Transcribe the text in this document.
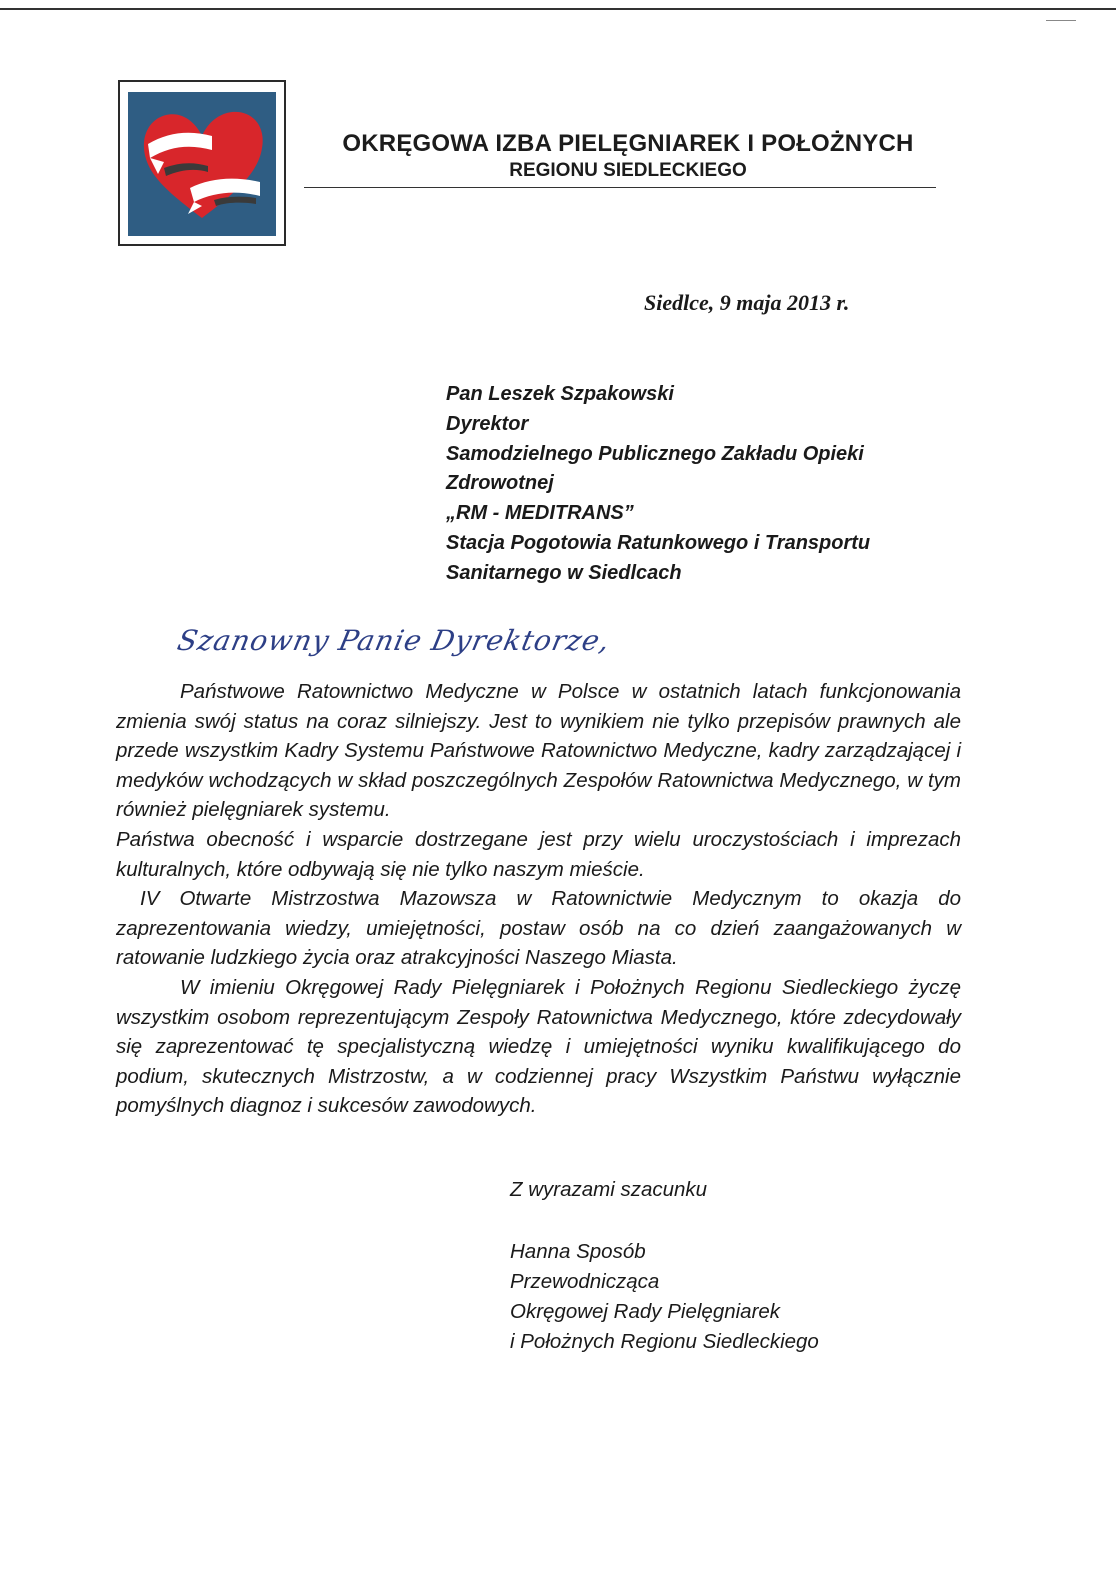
OKRĘGOWA IZBA PIELĘGNIAREK I POŁOŻNYCH
REGIONU SIEDLECKIEGO
Siedlce, 9 maja 2013 r.
Pan Leszek Szpakowski
Dyrektor
Samodzielnego Publicznego Zakładu Opieki
Zdrowotnej
„RM - MEDITRANS”
Stacja Pogotowia Ratunkowego i Transportu
Sanitarnego w Siedlcach
Szanowny Panie Dyrektorze,

Państwowe Ratownictwo Medyczne w Polsce w ostatnich latach funkcjonowania zmienia swój status na coraz silniejszy. Jest to wynikiem nie tylko przepisów prawnych ale przede wszystkim Kadry Systemu Państwowe Ratownictwo Medyczne, kadry zarządzającej i medyków wchodzących w skład poszczególnych Zespołów Ratownictwa Medycznego, w tym również pielęgniarek systemu.

Państwa obecność i wsparcie dostrzegane jest przy wielu uroczystościach i imprezach kulturalnych, które odbywają się nie tylko naszym mieście.

IV Otwarte Mistrzostwa Mazowsza w Ratownictwie Medycznym to okazja do zaprezentowania wiedzy, umiejętności, postaw osób na co dzień zaangażowanych w ratowanie ludzkiego życia oraz atrakcyjności Naszego Miasta.

W imieniu Okręgowej Rady Pielęgniarek i Położnych Regionu Siedleckiego życzę wszystkim osobom reprezentującym Zespoły Ratownictwa Medycznego, które zdecydowały się zaprezentować tę specjalistyczną wiedzę i umiejętności wyniku kwalifikującego do podium, skutecznych Mistrzostw, a w codziennej pracy Wszystkim Państwu wyłącznie pomyślnych diagnoz i sukcesów zawodowych.

Z wyrazami szacunku
Hanna Sposób
Przewodnicząca
Okręgowej Rady Pielęgniarek
i Położnych Regionu Siedleckiego
